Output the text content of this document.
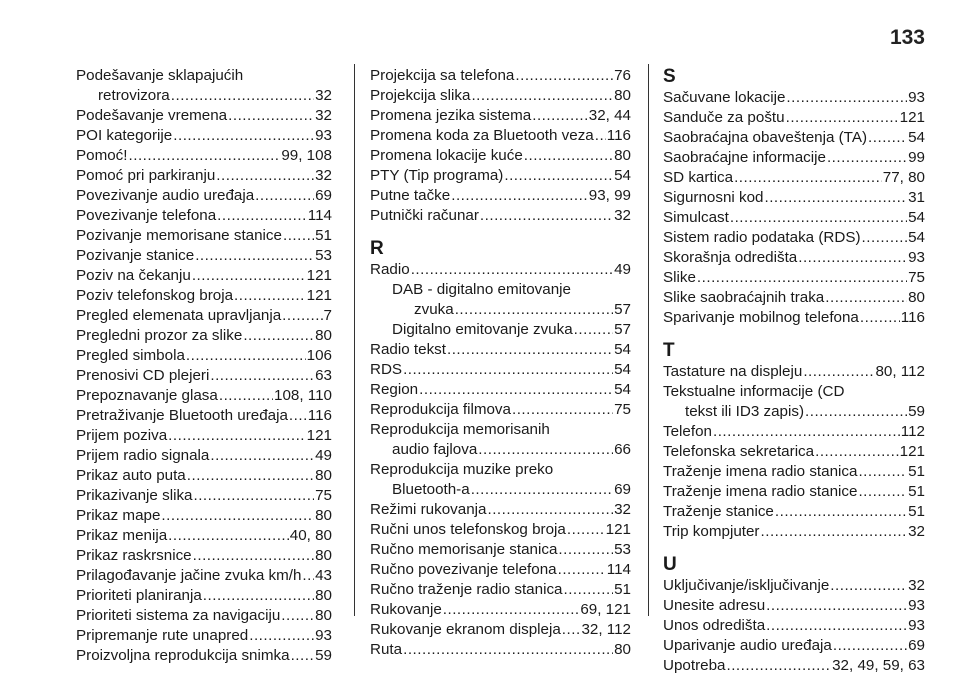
133
Podešavanje sklapajućih
retrovizora .....	32
Podešavanje vremena .....	32
POI kategorije .....	93
Pomoć! .....	99, 108
Pomoć pri parkiranju .....	32
Povezivanje audio uređaja .....	69
Povezivanje telefona .....	114
Pozivanje memorisane stanice ..... 51
Pozivanje stanice .....	53
Poziv na čekanju .....	121
Poziv telefonskog broja .....	121
Pregled elemenata upravljanja .....	7
Pregledni prozor za slike .....	80
Pregled simbola .....	106
Prenosivi CD plejeri .....	63
Prepoznavanje glasa .....	108, 110
Pretraživanje Bluetooth uređaja ..... 116
Prijem poziva .....	121
Prijem radio signala .....	49
Prikaz auto puta .....	80
Prikazivanje slika .....	75
Prikaz mape .....	80
Prikaz menija .....	40, 80
Prikaz raskrsnice .....	80
Prilagođavanje jačine zvuka km/h ..... 43
Prioriteti planiranja .....	80
Prioriteti sistema za navigaciju ..... 80
Pripremanje rute unapred .....	93
Proizvoljna reprodukcija snimka ..... 59
Projekcija sa telefona .....	76
Projekcija slika .....	80
Promena jezika sistema .....	32, 44
Promena koda za Bluetooth veza ..... 116
Promena lokacije kuće .....	80
PTY (Tip programa) .....	54
Putne tačke .....	93, 99
Putnički računar .....	32
R
Radio .....	49
DAB - digitalno emitovanje
zvuka .....	57
Digitalno emitovanje zvuka .....	57
Radio tekst .....	54
RDS .....	54
Region .....	54
Reprodukcija filmova .....	75
Reprodukcija memorisanih
audio fajlova .....	66
Reprodukcija muzike preko
Bluetooth-a .....	69
Režimi rukovanja .....	32
Ručni unos telefonskog broja .....	121
Ručno memorisanje stanica .....	53
Ručno povezivanje telefona .....	114
Ručno traženje radio stanica .....	51
Rukovanje .....	69, 121
Rukovanje ekranom displeja ..... 32, 112
Ruta .....	80
S
Sačuvane lokacije .....	93
Sanduče za poštu .....	121
Saobraćajna obaveštenja (TA) .....	54
Saobraćajne informacije .....	99
SD kartica .....	77, 80
Sigurnosni kod .....	31
Simulcast .....	54
Sistem radio podataka (RDS) .....	54
Skorašnja odredišta .....	93
Slike .....	75
Slike saobraćajnih traka .....	80
Sparivanje mobilnog telefona .....	116
T
Tastature na displeju .....	80, 112
Tekstualne informacije (CD
tekst ili ID3 zapis) .....	59
Telefon .....	112
Telefonska sekretarica .....	121
Traženje imena radio stanica .....	51
Traženje imena radio stanice .....	51
Traženje stanice .....	51
Trip kompjuter .....	32
U
Uključivanje/isključivanje .....	32
Unesite adresu .....	93
Unos odredišta .....	93
Uparivanje audio uređaja .....	69
Upotreba .....	32, 49, 59, 63
